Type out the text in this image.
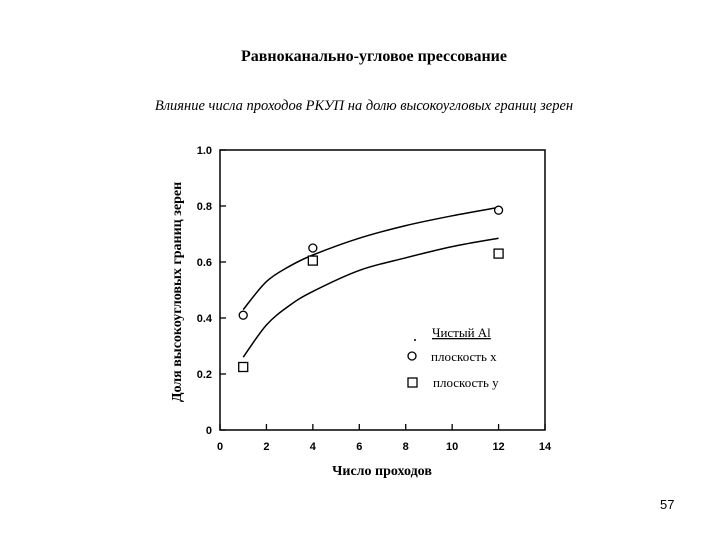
Равноканально-угловое прессование
Влияние числа проходов РКУП на долю высокоугловых границ зерен
0	2	4	6	8	10	12	14
0
0.2
0.4
0.6
0.8
1.0
Чистый Al
плоскость x
плоскость y
Доля высокоугловых границ зерен
Число проходов
57
